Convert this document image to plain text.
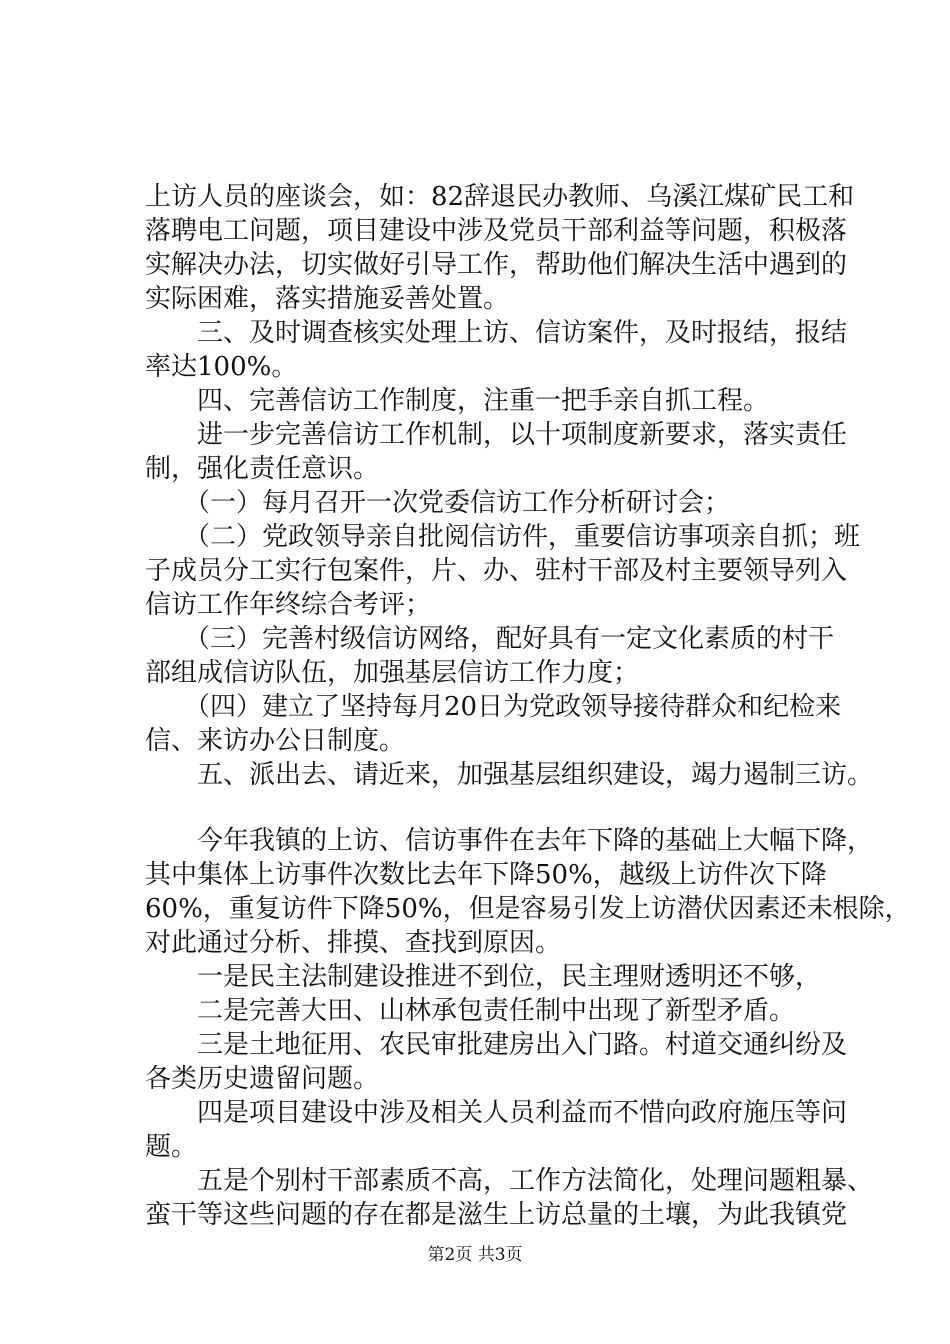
上访人员的座谈会，如：82辞退民办教师、乌溪江煤矿民工和
落聘电工问题，项目建设中涉及党员干部利益等问题，积极落
实解决办法，切实做好引导工作，帮助他们解决生活中遇到的
实际困难，落实措施妥善处置。
　　三、及时调查核实处理上访、信访案件，及时报结，报结
率达100%。
　　四、完善信访工作制度，注重一把手亲自抓工程。
　　进一步完善信访工作机制，以十项制度新要求，落实责任
制，强化责任意识。
　　（一）每月召开一次党委信访工作分析研讨会；
　　（二）党政领导亲自批阅信访件，重要信访事项亲自抓；班
子成员分工实行包案件，片、办、驻村干部及村主要领导列入
信访工作年终综合考评；
　　（三）完善村级信访网络，配好具有一定文化素质的村干
部组成信访队伍，加强基层信访工作力度；
　　（四）建立了坚持每月20日为党政领导接待群众和纪检来
信、来访办公日制度。
　　五、派出去、请近来，加强基层组织建设，竭力遏制三访。
　　今年我镇的上访、信访事件在去年下降的基础上大幅下降，
其中集体上访事件次数比去年下降50%，越级上访件次下降
60%，重复访件下降50%，但是容易引发上访潜伏因素还未根除，
对此通过分析、排摸、查找到原因。
　　一是民主法制建设推进不到位，民主理财透明还不够，
　　二是完善大田、山林承包责任制中出现了新型矛盾。
　　三是土地征用、农民审批建房出入门路。村道交通纠纷及
各类历史遗留问题。
　　四是项目建设中涉及相关人员利益而不惜向政府施压等问
题。
　　五是个别村干部素质不高，工作方法简化，处理问题粗暴、
蛮干等这些问题的存在都是滋生上访总量的土壤，为此我镇党
第2页 共3页
